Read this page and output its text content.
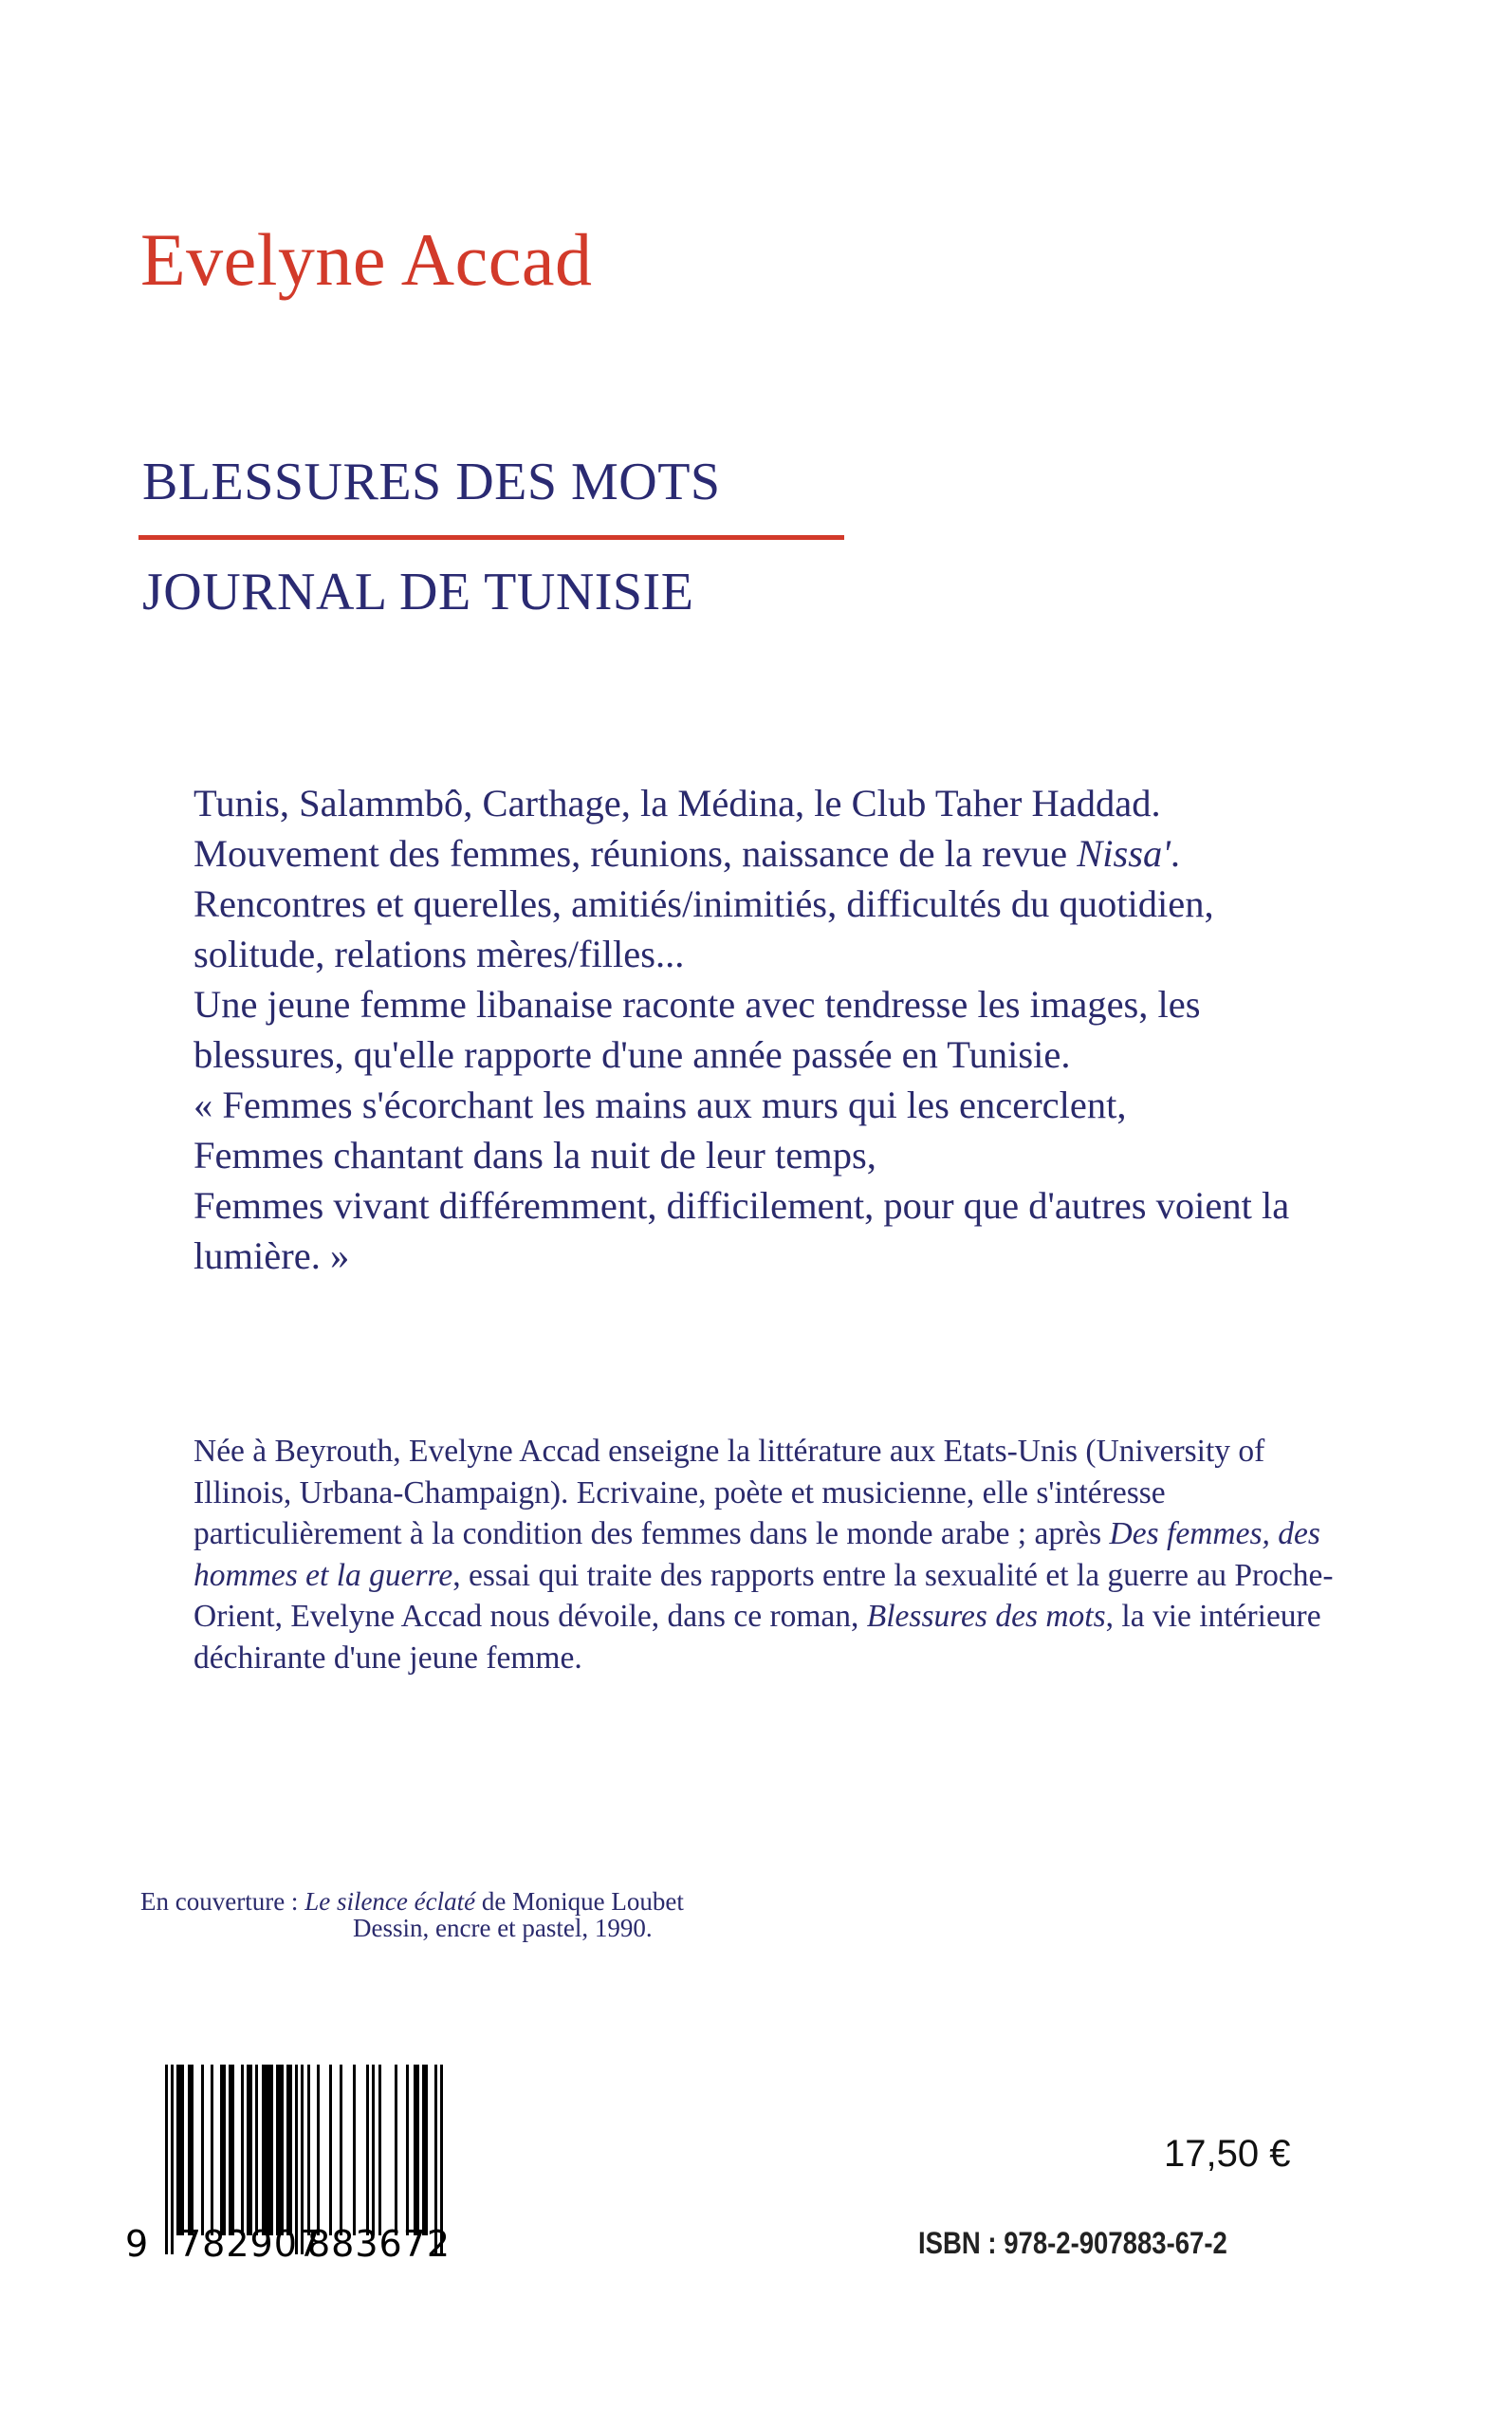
Evelyne Accad
BLESSURES DES MOTS
JOURNAL DE TUNISIE

Tunis, Salammbô, Carthage, la Médina, le Club Taher Haddad. Mouvement des femmes, réunions, naissance de la revue Nissa'. Rencontres et querelles, amitiés/inimitiés, difficultés du quotidien, solitude, relations mères/filles...

Une jeune femme libanaise raconte avec tendresse les images, les blessures, qu'elle rapporte d'une année passée en Tunisie.

« Femmes s'écorchant les mains aux murs qui les encerclent,

Femmes chantant dans la nuit de leur temps,

Femmes vivant différemment, difficilement, pour que d'autres voient la lumière. »

Née à Beyrouth, Evelyne Accad enseigne la littérature aux Etats-Unis (University of Illinois, Urbana-Champaign). Ecrivaine, poète et musicienne, elle s'intéresse particulièrement à la condition des femmes dans le monde arabe ; après Des femmes, des hommes et la guerre, essai qui traite des rapports entre la sexualité et la guerre au Proche-Orient, Evelyne Accad nous dévoile, dans ce roman, Blessures des mots, la vie intérieure déchirante d'une jeune femme.

En couverture : Le silence éclaté de Monique Loubet
Dessin, encre et pastel, 1990.
9 782907
883672
17,50 €
ISBN : 978-2-907883-67-2
